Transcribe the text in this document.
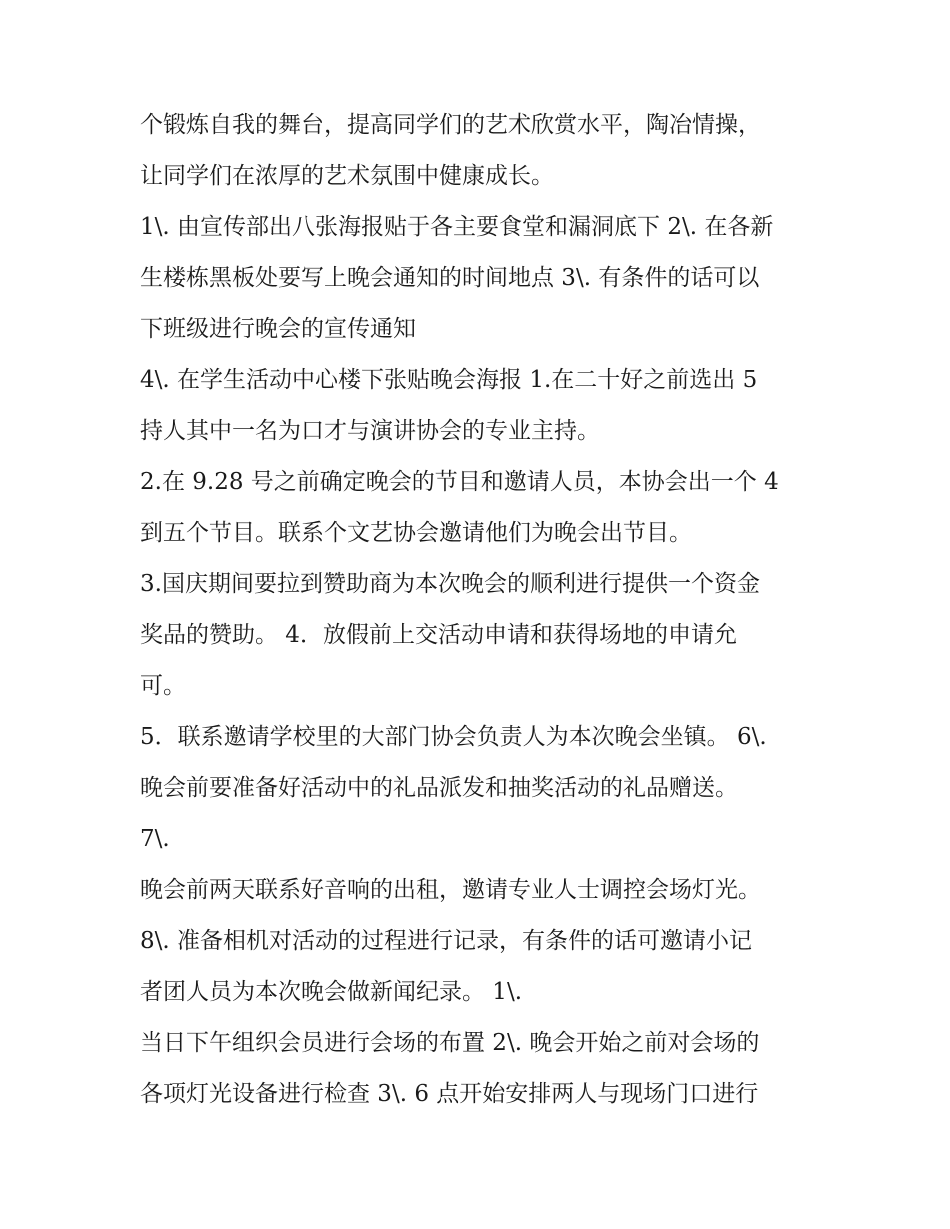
个锻炼自我的舞台，提高同学们的艺术欣赏水平，陶冶情操，
让同学们在浓厚的艺术氛围中健康成长。
1\. 由宣传部出八张海报贴于各主要食堂和漏洞底下 2\. 在各新
生楼栋黑板处要写上晚会通知的时间地点 3\. 有条件的话可以
下班级进行晚会的宣传通知
4\. 在学生活动中心楼下张贴晚会海报 1.在二十好之前选出 5
持人其中一名为口才与演讲协会的专业主持。
2.在 9.28 号之前确定晚会的节目和邀请人员，本协会出一个 4
到五个节目。联系个文艺协会邀请他们为晚会出节目。
3.国庆期间要拉到赞助商为本次晚会的顺利进行提供一个资金
奖品的赞助。 4．放假前上交活动申请和获得场地的申请允
可。
5．联系邀请学校里的大部门协会负责人为本次晚会坐镇。 6\.
晚会前要准备好活动中的礼品派发和抽奖活动的礼品赠送。
7\.
晚会前两天联系好音响的出租，邀请专业人士调控会场灯光。
8\. 准备相机对活动的过程进行记录，有条件的话可邀请小记
者团人员为本次晚会做新闻纪录。 1\.
当日下午组织会员进行会场的布置 2\. 晚会开始之前对会场的
各项灯光设备进行检查 3\. 6 点开始安排两人与现场门口进行
